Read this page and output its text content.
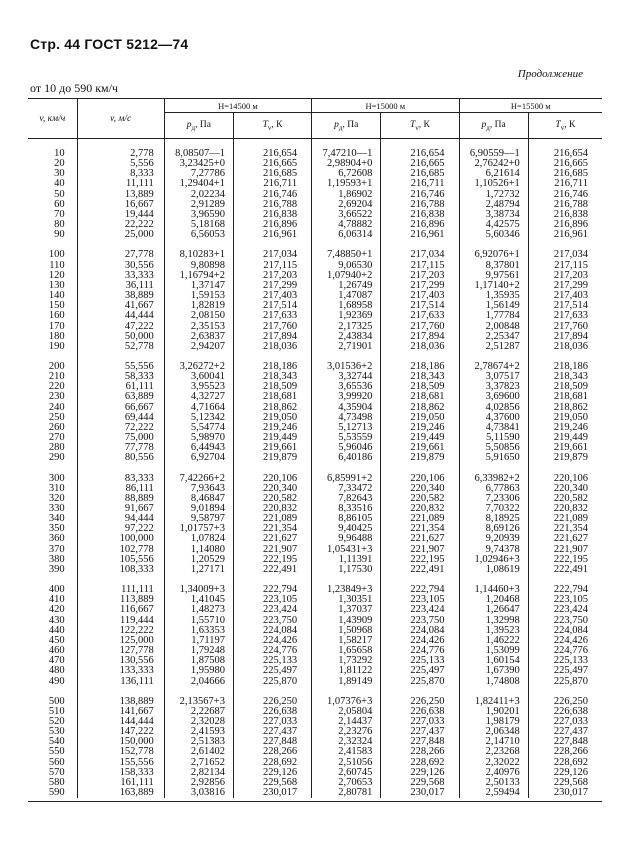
Стр. 44 ГОСТ 5212—74
Продолжение
от 10 до 590 км/ч
v, км/ч	v, м/с	H=14500 м		H=15000 м		H=15500 м	
		$p_д$, Па	$T_v$, К	$p_д$, Па	$T_v$, К	$p_д$, Па	$T_v$, К

10	2,778	8,08507—1	216,654	7,47210—1	216,654	6,90559—1	216,654
20	5,556	3,23425+0	216,665	2,98904+0	216,665	2,76242+0	216,665
30	8,333	7,27786	216,685	6,72608	216,685	6,21614	216,685
40	11,111	1,29404+1	216,711	1,19593+1	216,711	1,10526+1	216,711
50	13,889	2,02234	216,746	1,86902	216,746	1,72732	216,746
60	16,667	2,91289	216,788	2,69204	216,788	2,48794	216,788
70	19,444	3,96590	216,838	3,66522	216,838	3,38734	216,838
80	22,222	5,18168	216,896	4,78882	216,896	4,42575	216,896
90	25,000	6,56053	216,961	6,06314	216,961	5,60346	216,961

100	27,778	8,10283+1	217,034	7,48850+1	217,034	6,92076+1	217,034
110	30,556	9,80898	217,115	9,06530	217,115	8,37801	217,115
120	33,333	1,16794+2	217,203	1,07940+2	217,203	9,97561	217,203
130	36,111	1,37147	217,299	1,26749	217,299	1,17140+2	217,299
140	38,889	1,59153	217,403	1,47087	217,403	1,35935	217,403
150	41,667	1,82819	217,514	1,68958	217,514	1,56149	217,514
160	44,444	2,08150	217,633	1,92369	217,633	1,77784	217,633
170	47,222	2,35153	217,760	2,17325	217,760	2,00848	217,760
180	50,000	2,63837	217,894	2,43834	217,894	2,25347	217,894
190	52,778	2,94207	218,036	2,71901	218,036	2,51287	218,036

200	55,556	3,26272+2	218,186	3,01536+2	218,186	2,78674+2	218,186
210	58,333	3,60041	218,343	3,32744	218,343	3,07517	218,343
220	61,111	3,95523	218,509	3,65536	218,509	3,37823	218,509
230	63,889	4,32727	218,681	3,99920	218,681	3,69600	218,681
240	66,667	4,71664	218,862	4,35904	218,862	4,02856	218,862
250	69,444	5,12342	219,050	4,73498	219,050	4,37600	219,050
260	72,222	5,54774	219,246	5,12713	219,246	4,73841	219,246
270	75,000	5,98970	219,449	5,53559	219,449	5,11590	219,449
280	77,778	6,44943	219,661	5,96046	219,661	5,50856	219,661
290	80,556	6,92704	219,879	6,40186	219,879	5,91650	219,879

300	83,333	7,42266+2	220,106	6,85991+2	220,106	6,33982+2	220,106
310	86,111	7,93643	220,340	7,33472	220,340	6,77863	220,340
320	88,889	8,46847	220,582	7,82643	220,582	7,23306	220,582
330	91,667	9,01894	220,832	8,33516	220,832	7,70322	220,832
340	94,444	9,58797	221,089	8,86105	221,089	8,18925	221,089
350	97,222	1,01757+3	221,354	9,40425	221,354	8,69126	221,354
360	100,000	1,07824	221,627	9,96488	221,627	9,20939	221,627
370	102,778	1,14080	221,907	1,05431+3	221,907	9,74378	221,907
380	105,556	1,20529	222,195	1,11391	222,195	1,02946+3	222,195
390	108,333	1,27171	222,491	1,17530	222,491	1,08619	222,491

400	111,111	1,34009+3	222,794	1,23849+3	222,794	1,14460+3	222,794
410	113,889	1,41045	223,105	1,30351	223,105	1,20468	223,105
420	116,667	1,48273	223,424	1,37037	223,424	1,26647	223,424
430	119,444	1,55710	223,750	1,43909	223,750	1,32998	223,750
440	122,222	1,63353	224,084	1,50968	224,084	1,39523	224,084
450	125,000	1,71197	224,426	1,58217	224,426	1,46222	224,426
460	127,778	1,79248	224,776	1,65658	224,776	1,53099	224,776
470	130,556	1,87508	225,133	1,73292	225,133	1,60154	225,133
480	133,333	1,95980	225,497	1,81122	225,497	1,67390	225,497
490	136,111	2,04666	225,870	1,89149	225,870	1,74808	225,870

500	138,889	2,13567+3	226,250	1,07376+3	226,250	1,82411+3	226,250
510	141,667	2,22687	226,638	2,05804	226,638	1,90201	226,638
520	144,444	2,32028	227,033	2,14437	227,033	1,98179	227,033
530	147,222	2,41593	227,437	2,23276	227,437	2,06348	227,437
540	150,000	2,51383	227,848	2,32324	227,848	2,14710	227,848
550	152,778	2,61402	228,266	2,41583	228,266	2,23268	228,266
560	155,556	2,71652	228,692	2,51056	228,692	2,32022	228,692
570	158,333	2,82134	229,126	2,60745	229,126	2,40976	229,126
580	161,111	2,92856	229,568	2,70653	229,568	2,50133	229,568
590	163,889	3,03816	230,017	2,80781	230,017	2,59494	230,017
